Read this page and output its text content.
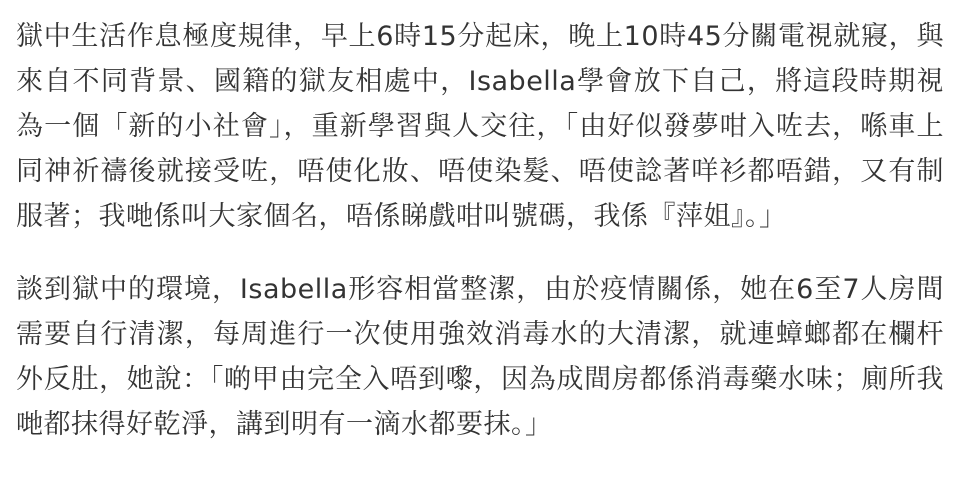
獄中生活作息極度規律，早上6時15分起床，晚上10時45分關電視就寢，與來自不同背景、國籍的獄友相處中，Isabella學會放下自己，將這段時期視為一個「新的小社會」，重新學習與人交往，「由好似發夢咁入咗去，喺車上同神祈禱後就接受咗，唔使化妝、唔使染髮、唔使諗著咩衫都唔錯，又有制服著；我哋係叫大家個名，唔係睇戲咁叫號碼，我係『萍姐』。」

談到獄中的環境，Isabella形容相當整潔，由於疫情關係，她在6至7人房間需要自行清潔，每周進行一次使用強效消毒水的大清潔，就連蟑螂都在欄杆外反肚，她說：「啲甲由完全入唔到嚟，因為成間房都係消毒藥水味；廁所我哋都抹得好乾淨，講到明有一滴水都要抹。」
